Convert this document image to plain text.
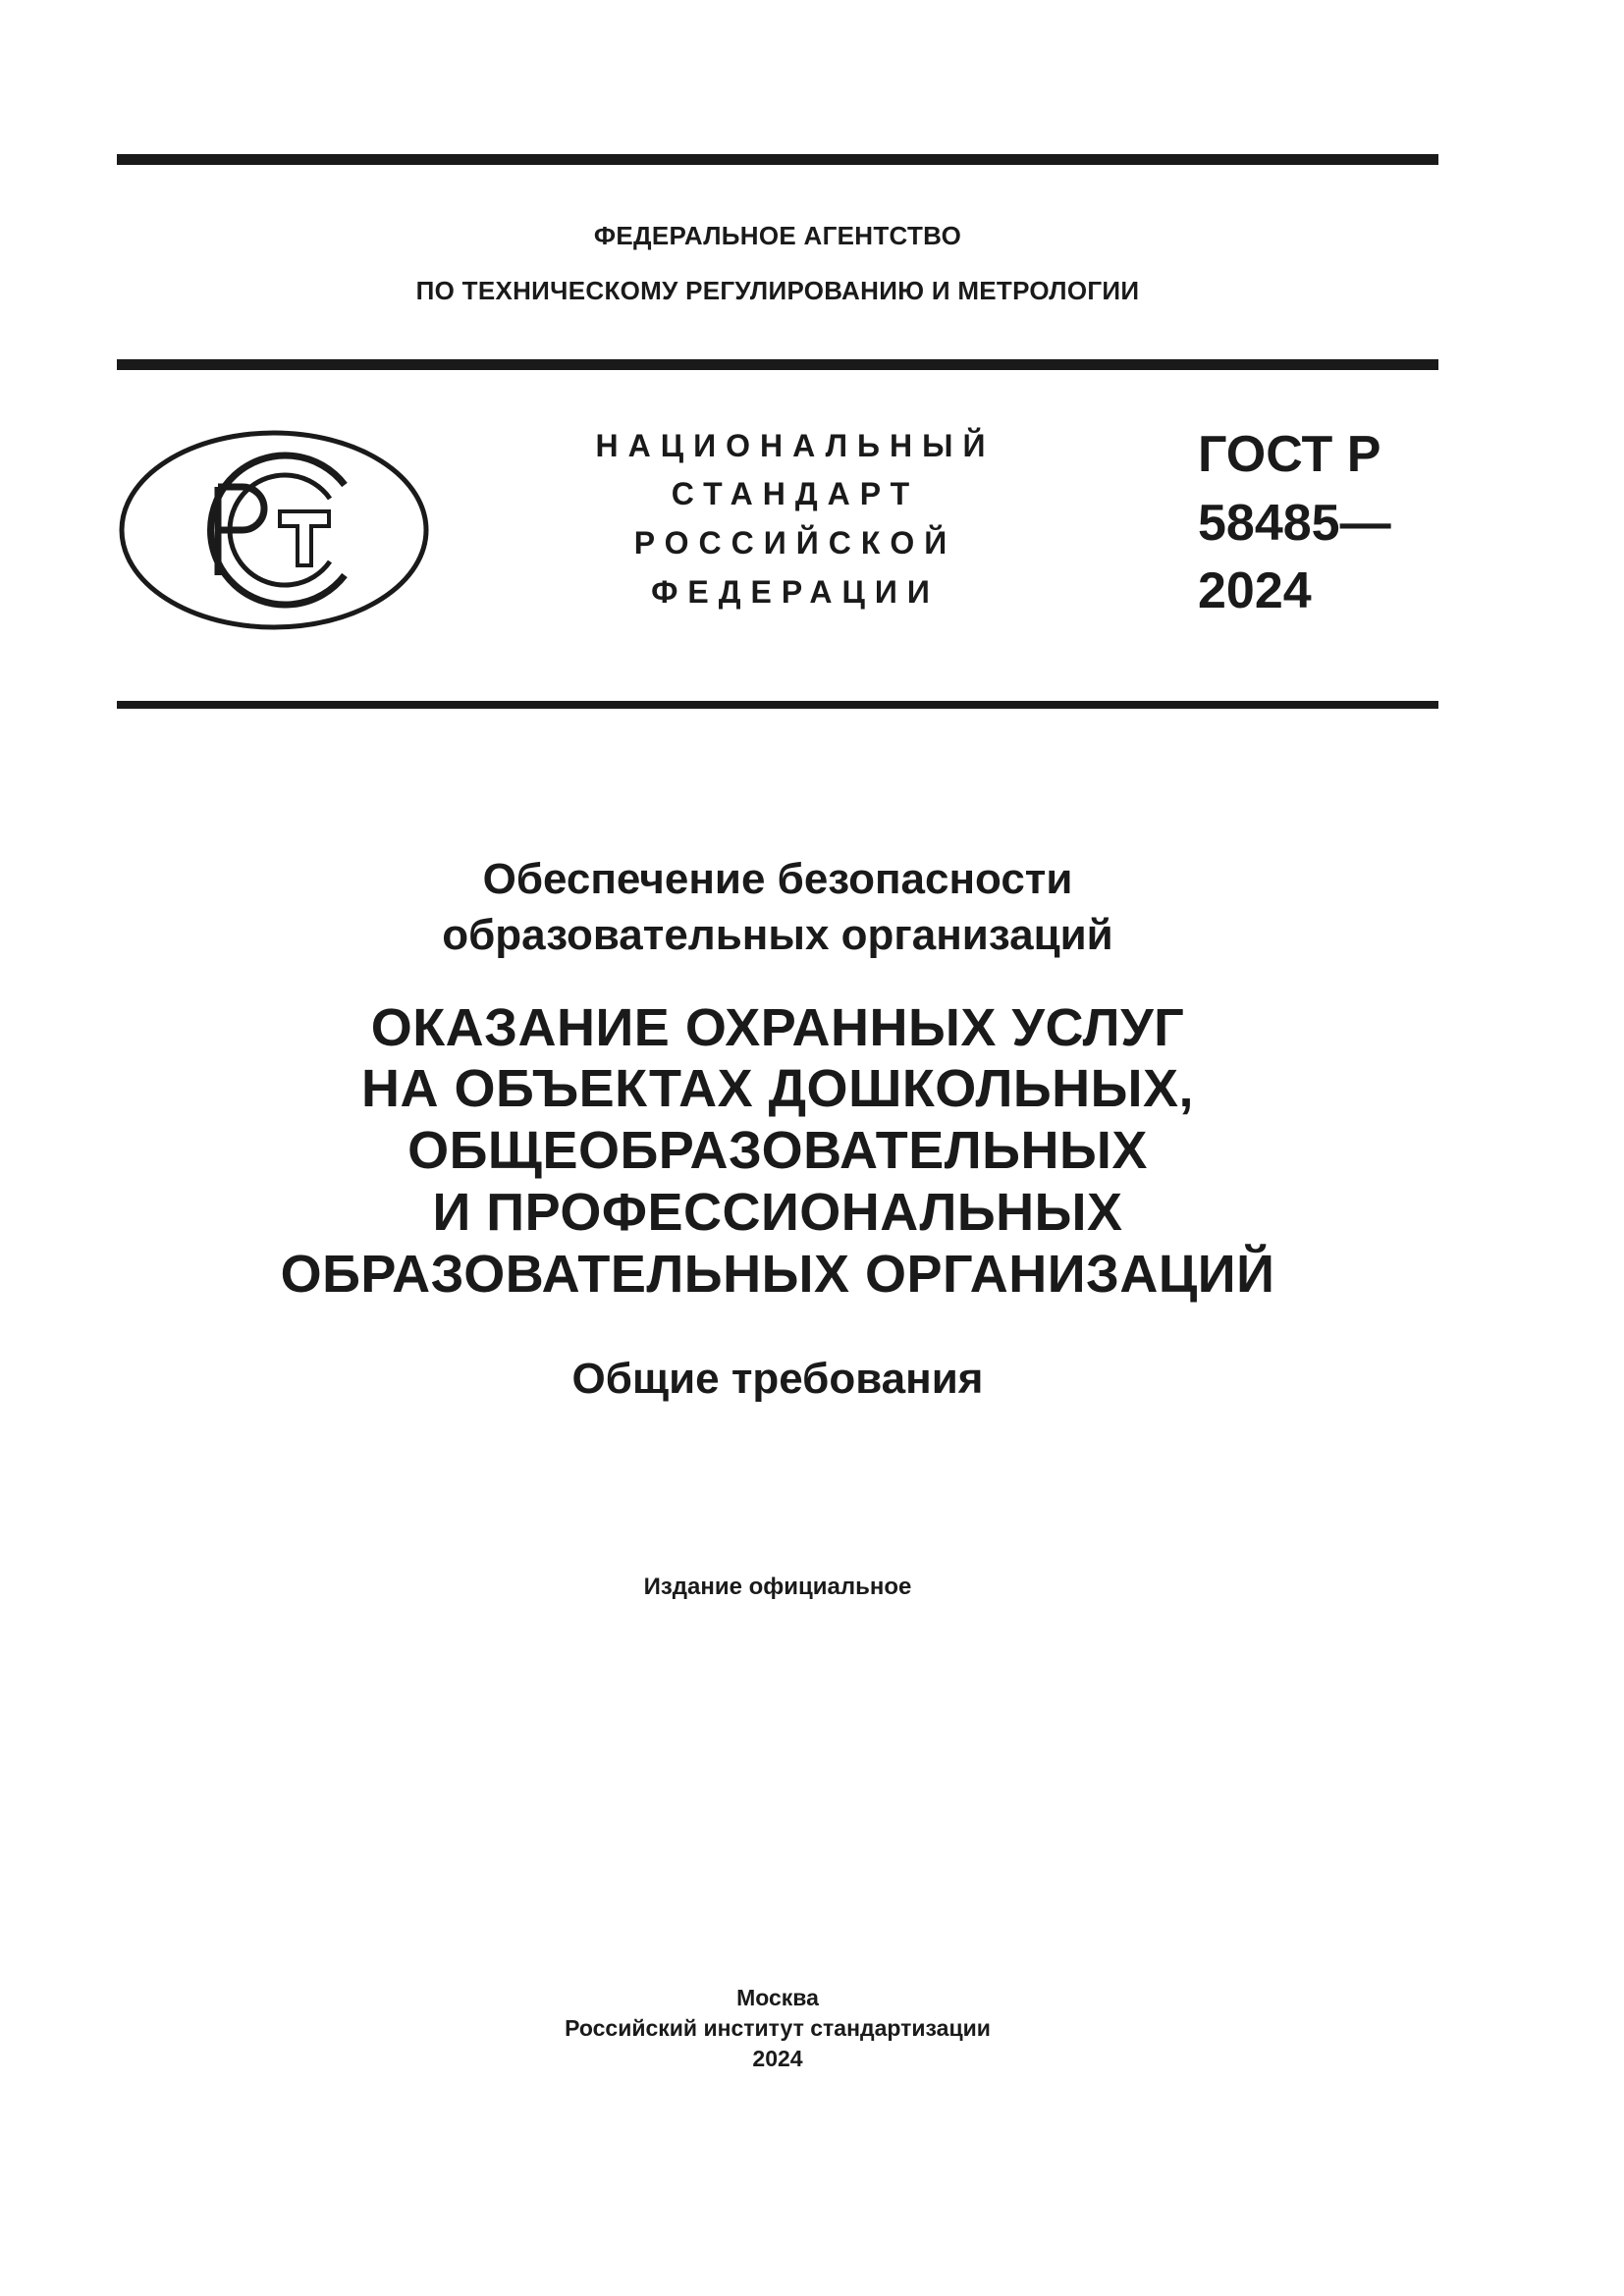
ФЕДЕРАЛЬНОЕ АГЕНТСТВО
ПО ТЕХНИЧЕСКОМУ РЕГУЛИРОВАНИЮ И МЕТРОЛОГИИ
НАЦИОНАЛЬНЫЙ
СТАНДАРТ
РОССИЙСКОЙ
ФЕДЕРАЦИИ
ГОСТ Р
58485—
2024
Обеспечение безопасности
образовательных организаций
ОКАЗАНИЕ ОХРАННЫХ УСЛУГ
НА ОБЪЕКТАХ ДОШКОЛЬНЫХ,
ОБЩЕОБРАЗОВАТЕЛЬНЫХ
И ПРОФЕССИОНАЛЬНЫХ
ОБРАЗОВАТЕЛЬНЫХ ОРГАНИЗАЦИЙ
Общие требования
Издание официальное
Москва
Российский институт стандартизации
2024
